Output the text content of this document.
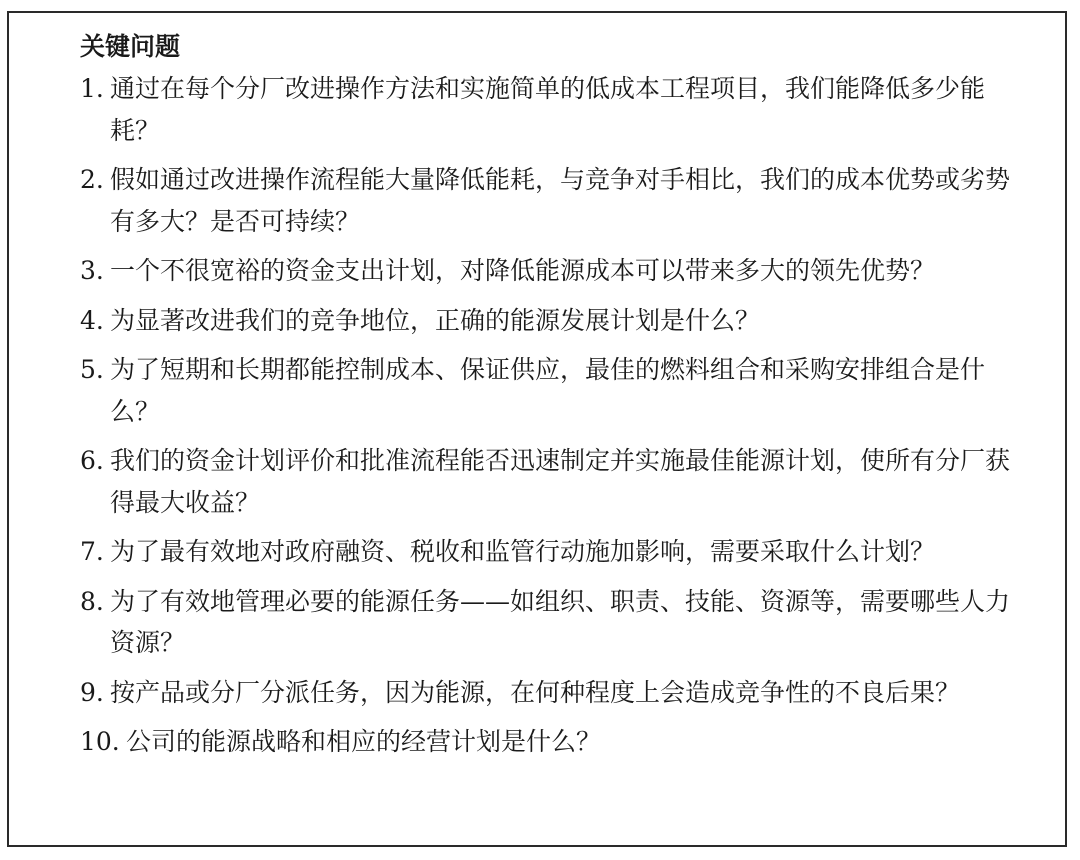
关键问题
1. 通过在每个分厂改进操作方法和实施简单的低成本工程项目，我们能降低多少能耗？
2. 假如通过改进操作流程能大量降低能耗，与竞争对手相比，我们的成本优势或劣势有多大？是否可持续？
3. 一个不很宽裕的资金支出计划，对降低能源成本可以带来多大的领先优势？
4. 为显著改进我们的竞争地位，正确的能源发展计划是什么？
5. 为了短期和长期都能控制成本、保证供应，最佳的燃料组合和采购安排组合是什么？
6. 我们的资金计划评价和批准流程能否迅速制定并实施最佳能源计划，使所有分厂获得最大收益？
7. 为了最有效地对政府融资、税收和监管行动施加影响，需要采取什么计划？
8. 为了有效地管理必要的能源任务——如组织、职责、技能、资源等，需要哪些人力资源？
9. 按产品或分厂分派任务，因为能源，在何种程度上会造成竞争性的不良后果？
10. 公司的能源战略和相应的经营计划是什么？
